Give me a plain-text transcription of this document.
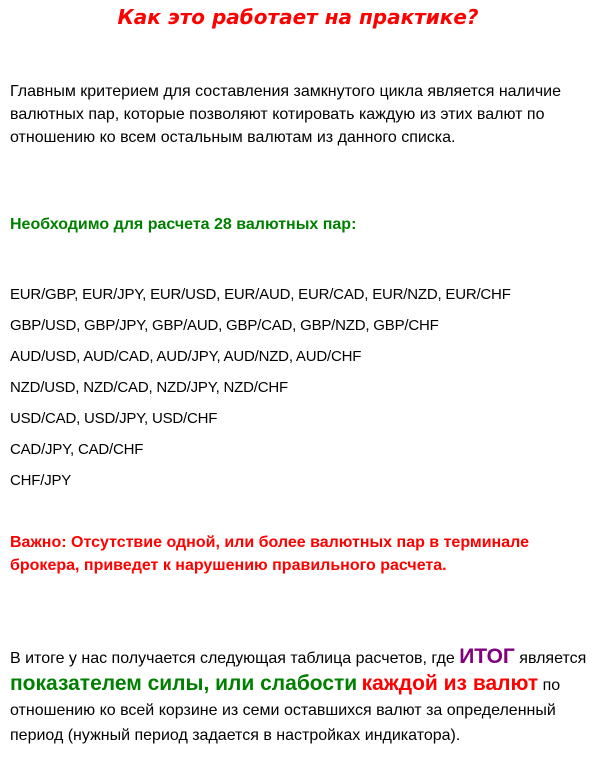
Как это работает на практике?

Главным критерием для составления замкнутого цикла является наличие валютных пар, которые позволяют котировать каждую из этих валют по отношению ко всем остальным валютам из данного списка.

Необходимо для расчета 28 валютных пар:

EUR/GBP, EUR/JPY, EUR/USD, EUR/AUD, EUR/CAD, EUR/NZD, EUR/CHF
GBP/USD, GBP/JPY, GBP/AUD, GBP/CAD, GBP/NZD, GBP/CHF
AUD/USD, AUD/CAD, AUD/JPY, AUD/NZD, AUD/CHF
NZD/USD, NZD/CAD, NZD/JPY, NZD/CHF
USD/CAD, USD/JPY, USD/CHF
CAD/JPY, CAD/CHF
CHF/JPY

Важно: Отсутствие одной, или более валютных пар в терминале брокера, приведет к нарушению правильного расчета.

В итоге у нас получается следующая таблица расчетов, где ИТОГ является показателем силы, или слабости каждой из валют по отношению ко всей корзине из семи оставшихся валют за определенный период (нужный период задается в настройках индикатора).
